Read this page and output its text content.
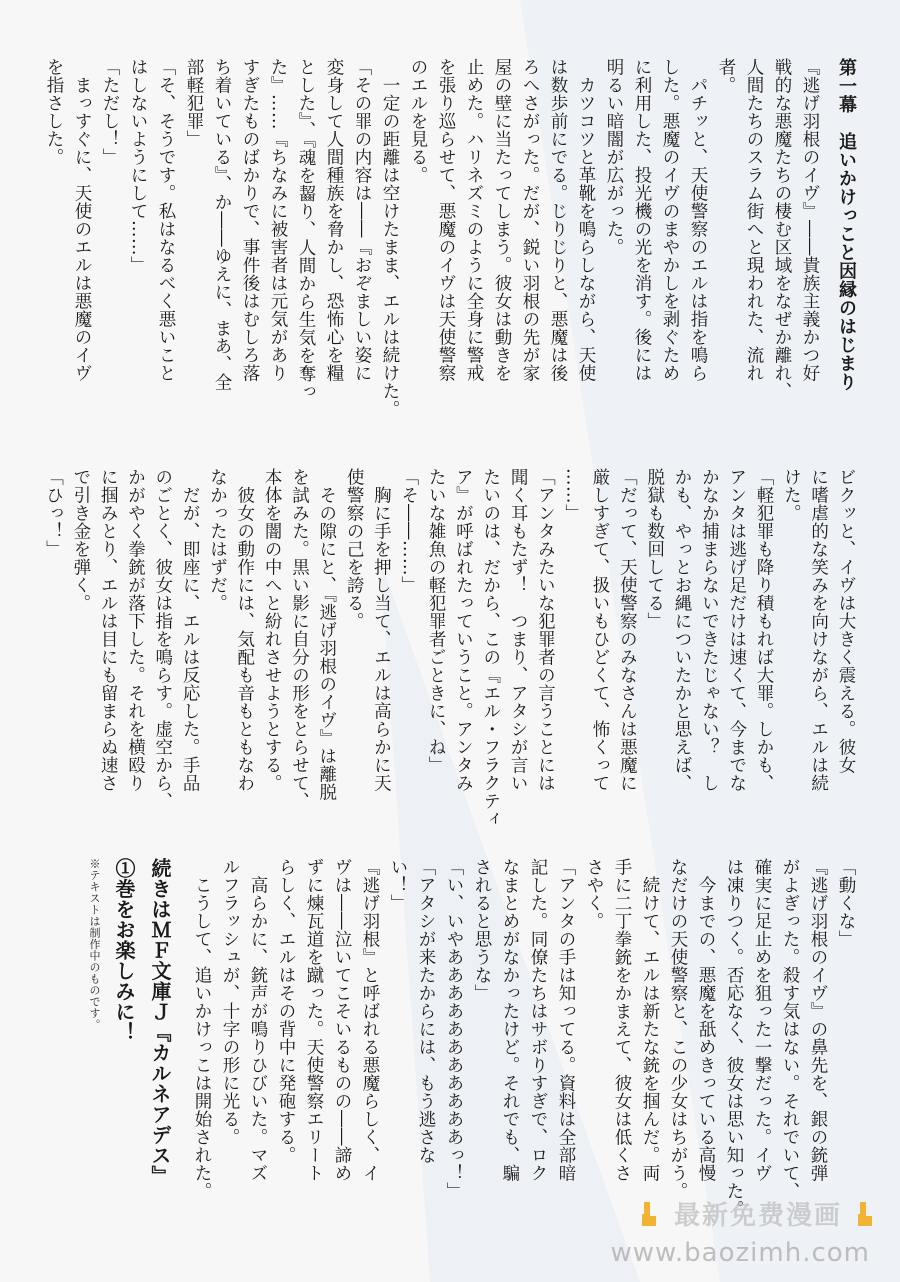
第一幕　追いかけっこと因縁のはじまり
『逃げ羽根のイヴ』――貴族主義かつ好
戦的な悪魔たちの棲む区域をなぜか離れ、
人間たちのスラム街へと現われた、流れ
者。
　パチッと、天使警察のエルは指を鳴ら
した。悪魔のイヴのまやかしを剥ぐため
に利用した、投光機の光を消す。後には
明るい暗闇が広がった。
　カツコツと革靴を鳴らしながら、天使
は数歩前にでる。じりじりと、悪魔は後
ろへさがった。だが、鋭い羽根の先が家
屋の壁に当たってしまう。彼女は動きを
止めた。ハリネズミのように全身に警戒
を張り巡らせて、悪魔のイヴは天使警察
のエルを見る。
　一定の距離は空けたまま、エルは続けた。
「その罪の内容は――『おぞましい姿に
変身して人間種族を脅かし、恐怖心を糧
とした』、『魂を齧り、人間から生気を奪っ
た』……『ちなみに被害者は元気があり
すぎたものばかりで、事件後はむしろ落
ち着いている』、か――ゆえに、まあ、全
部軽犯罪」
「そ、そうです。私はなるべく悪いこと
はしないようにして……」
「ただし！」
　まっすぐに、天使のエルは悪魔のイヴ
を指さした。
ビクッと、イヴは大きく震える。彼女
に嗜虐的な笑みを向けながら、エルは続
けた。
「軽犯罪も降り積もれば大罪。しかも、
アンタは逃げ足だけは速くて、今までな
かなか捕まらないできたじゃない？　し
かも、やっとお縄についたかと思えば、
脱獄も数回してる」
「だって、天使警察のみなさんは悪魔に
厳しすぎて、扱いもひどくて、怖くって
……」
「アンタみたいな犯罪者の言うことには
聞く耳もたず！　つまり、アタシが言い
たいのは、だから、この『エル・フラクティ
ア』が呼ばれたっていうこと。アンタみ
たいな雑魚の軽犯罪者ごときに、ね」
「そ――……」
　胸に手を押し当て、エルは高らかに天
使警察の己を誇る。
　その隙にと、『逃げ羽根のイヴ』は離脱
を試みた。黒い影に自分の形をとらせて、
本体を闇の中へと紛れさせようとする。
　彼女の動作には、気配も音もともなわ
なかったはずだ。
　だが、即座に、エルは反応した。手品
のごとく、彼女は指を鳴らす。虚空から、
かがやく拳銃が落下した。それを横殴り
に掴みとり、エルは目にも留まらぬ速さ
で引き金を弾く。
「ひっ！」
「動くな」
『逃げ羽根のイヴ』の鼻先を、銀の銃弾
がよぎった。殺す気はない。それでいて、
確実に足止めを狙った一撃だった。イヴ
は凍りつく。否応なく、彼女は思い知った。
　今までの、悪魔を舐めきっている高慢
なだけの天使警察と、この少女はちがう。
　続けて、エルは新たな銃を掴んだ。両
手に二丁拳銃をかまえて、彼女は低くさ
さやく。
「アンタの手は知ってる。資料は全部暗
記した。同僚たちはサボりすぎで、ロク
なまとめがなかったけど。それでも、騙
されると思うな」
「い、いやあああああああああああっ！」
「アタシが来たからには、もう逃さな
い！」
『逃げ羽根』と呼ばれる悪魔らしく、イ
ヴは――泣いてこそいるものの――諦め
ずに煉瓦道を蹴った。天使警察エリート
らしく、エルはその背中に発砲する。
　高らかに、銃声が鳴りひびいた。マズ
ルフラッシュが、十字の形に光る。
　こうして、追いかけっこは開始された。
続きはＭＦ文庫Ｊ『カルネアデス』
①巻をお楽しみに！
※テキストは制作中のものです。
最新免费漫画
www.baozimh.com
